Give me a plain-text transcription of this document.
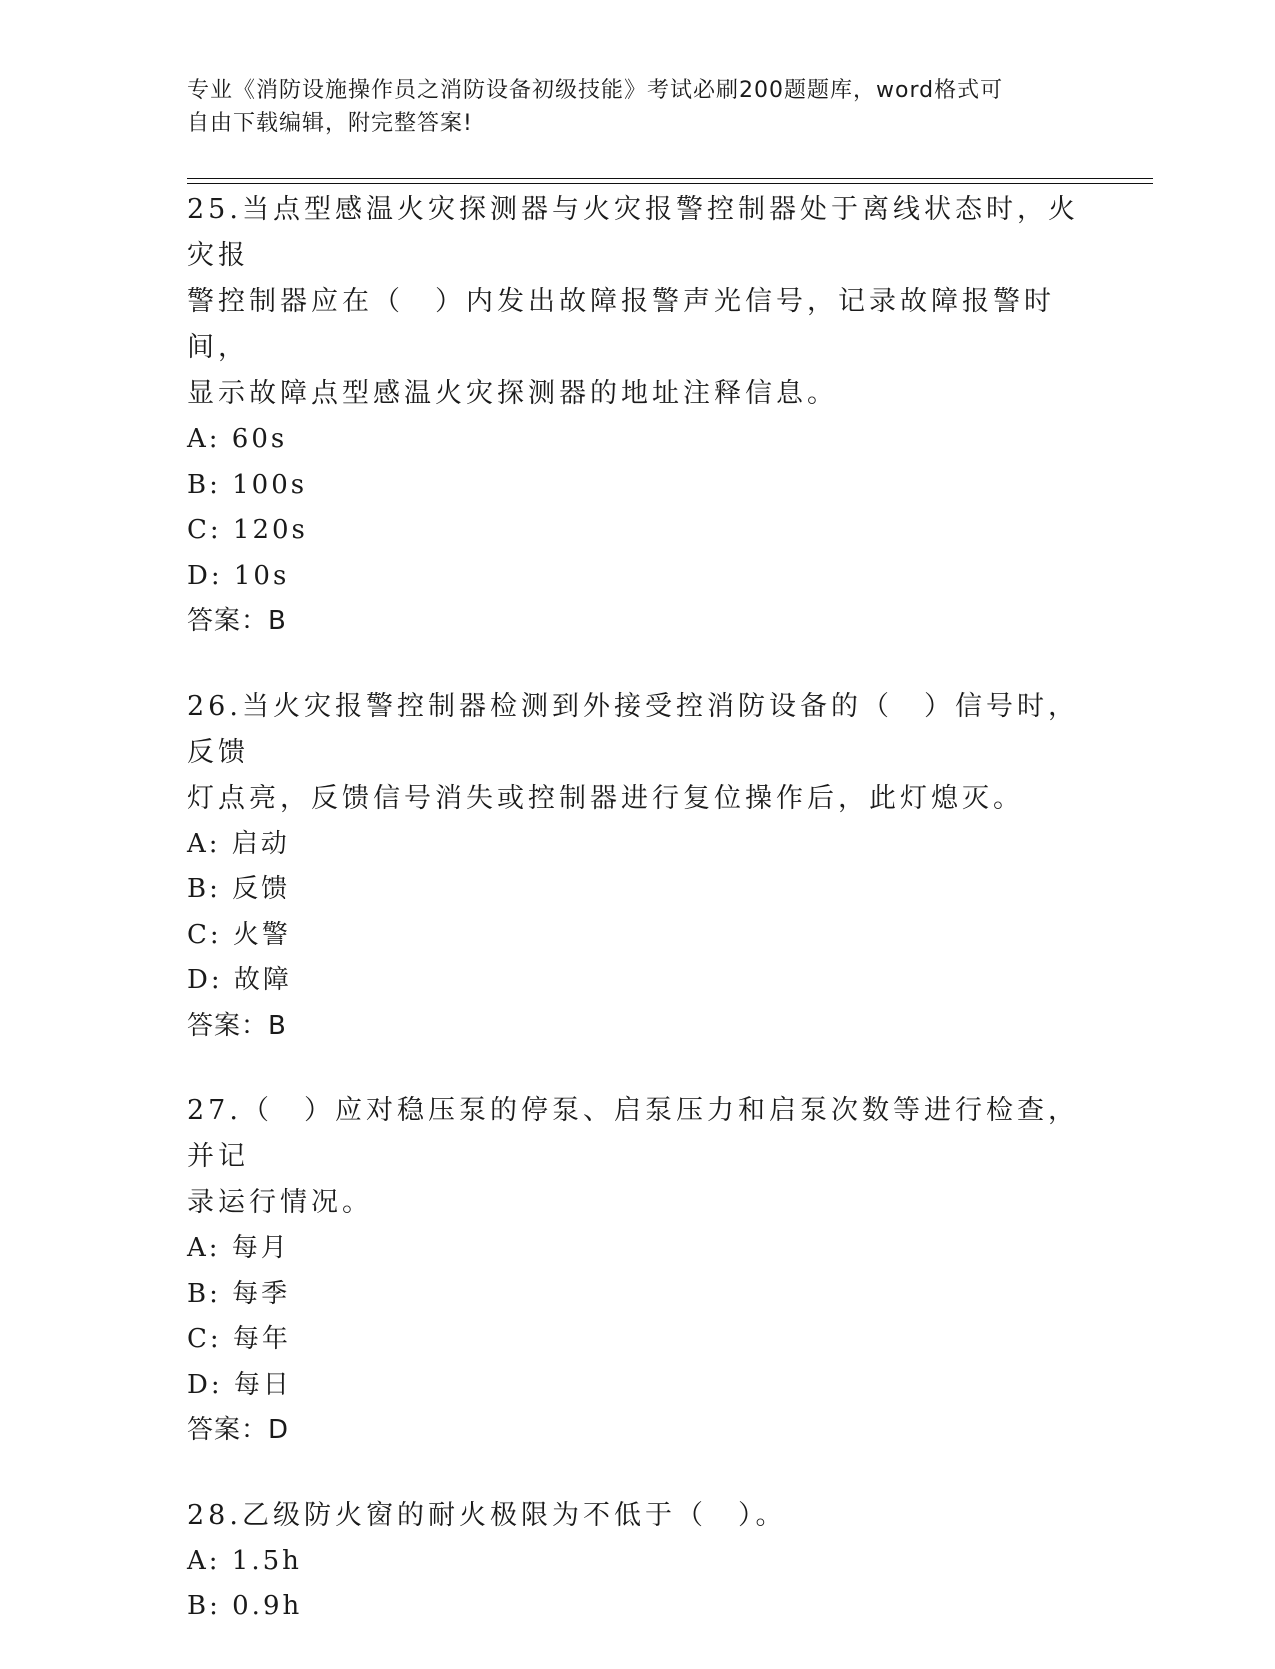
专业《消防设施操作员之消防设备初级技能》考试必刷200题题库，word格式可
自由下载编辑，附完整答案!

25.当点型感温火灾探测器与火灾报警控制器处于离线状态时，火灾报

警控制器应在（　）内发出故障报警声光信号，记录故障报警时间，

显示故障点型感温火灾探测器的地址注释信息。

A: 60s

B: 100s

C: 120s

D: 10s

答案：B

26.当火灾报警控制器检测到外接受控消防设备的（　）信号时，反馈

灯点亮，反馈信号消失或控制器进行复位操作后，此灯熄灭。

A: 启动

B: 反馈

C: 火警

D: 故障

答案：B

27.（　）应对稳压泵的停泵、启泵压力和启泵次数等进行检查，并记

录运行情况。

A: 每月

B: 每季

C: 每年

D: 每日

答案：D

28.乙级防火窗的耐火极限为不低于（　）。

A: 1.5h

B: 0.9h
